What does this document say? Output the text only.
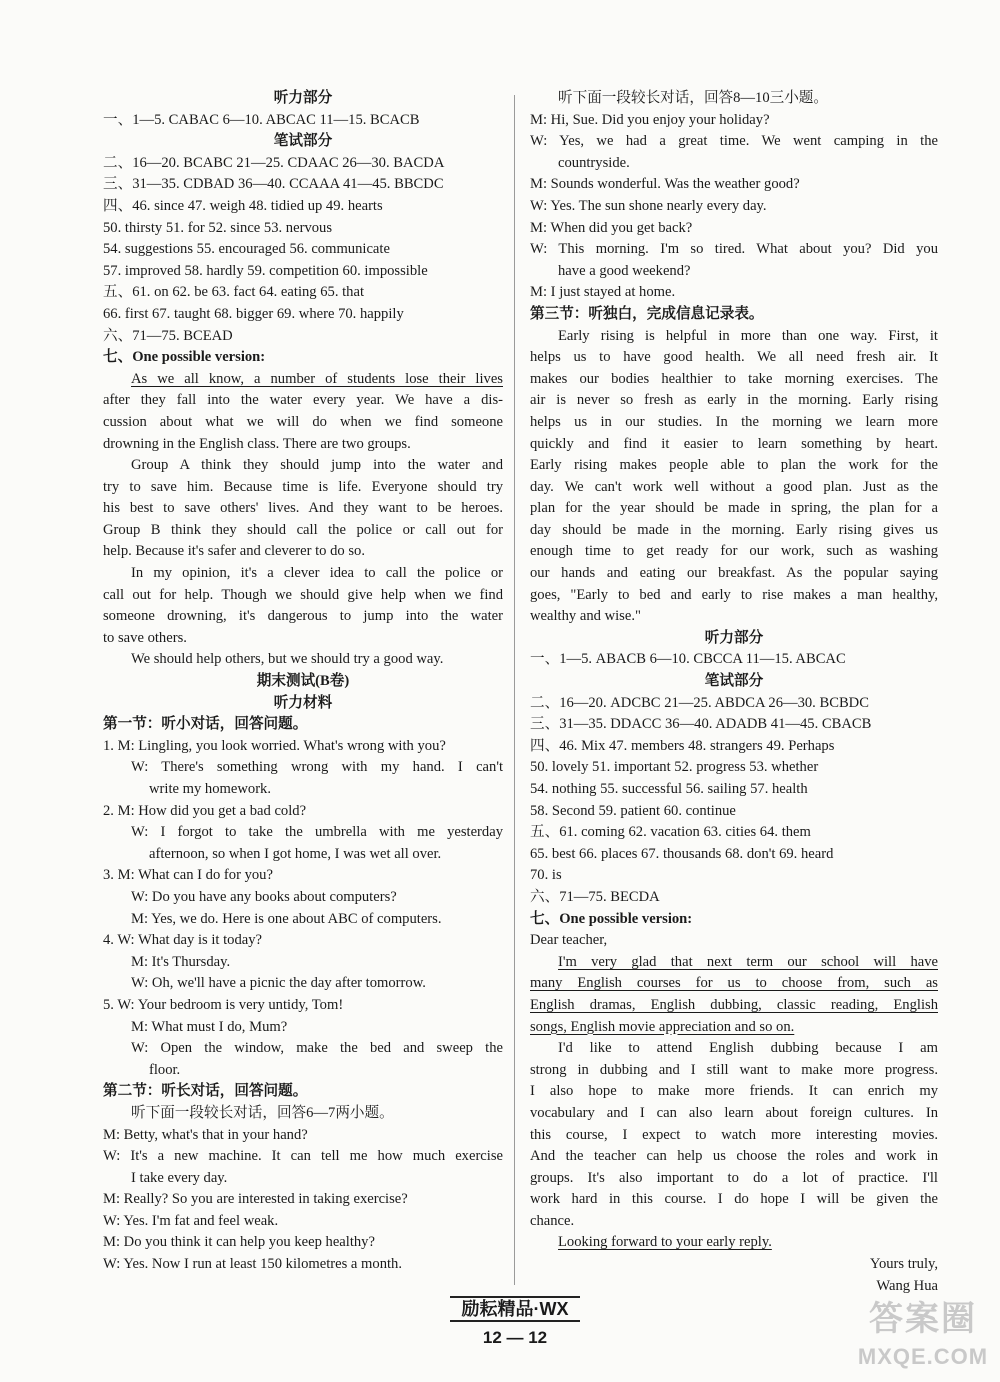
听力部分
一、1—5. CABAC 6—10. ABCAC 11—15. BCACB
笔试部分
二、16—20. BCABC 21—25. CDAAC 26—30. BACDA
三、31—35. CDBAD 36—40. CCAAA 41—45. BBCDC
四、46. since 47. weigh 48. tidied up 49. hearts
50. thirsty 51. for 52. since 53. nervous
54. suggestions 55. encouraged 56. communicate
57. improved 58. hardly 59. competition 60. impossible
五、61. on 62. be 63. fact 64. eating 65. that
66. first 67. taught 68. bigger 69. where 70. happily
六、71—75. BCEAD
七、One possible version:
As we all know, a number of students lose their lives
after they fall into the water every year. We have a dis-
cussion about what we will do when we find someone
drowning in the English class. There are two groups.
Group A think they should jump into the water and
try to save him. Because time is life. Everyone should try
his best to save others' lives. And they want to be heroes.
Group B think they should call the police or call out for
help. Because it's safer and cleverer to do so.
In my opinion, it's a clever idea to call the police or
call out for help. Though we should give help when we find
someone drowning, it's dangerous to jump into the water
to save others.
We should help others, but we should try a good way.
期末测试(B卷)
听力材料
第一节：听小对话，回答问题。
1. M: Lingling, you look worried. What's wrong with you?
W: There's something wrong with my hand. I can't
write my homework.
2. M: How did you get a bad cold?
W: I forgot to take the umbrella with me yesterday
afternoon, so when I got home, I was wet all over.
3. M: What can I do for you?
W: Do you have any books about computers?
M: Yes, we do. Here is one about ABC of computers.
4. W: What day is it today?
M: It's Thursday.
W: Oh, we'll have a picnic the day after tomorrow.
5. W: Your bedroom is very untidy, Tom!
M: What must I do, Mum?
W: Open the window, make the bed and sweep the
floor.
第二节：听长对话，回答问题。
听下面一段较长对话，回答6—7两小题。
M: Betty, what's that in your hand?
W: It's a new machine. It can tell me how much exercise
I take every day.
M: Really? So you are interested in taking exercise?
W: Yes. I'm fat and feel weak.
M: Do you think it can help you keep healthy?
W: Yes. Now I run at least 150 kilometres a month.
听下面一段较长对话，回答8—10三小题。
M: Hi, Sue. Did you enjoy your holiday?
W: Yes, we had a great time. We went camping in the
countryside.
M: Sounds wonderful. Was the weather good?
W: Yes. The sun shone nearly every day.
M: When did you get back?
W: This morning. I'm so tired. What about you? Did you
have a good weekend?
M: I just stayed at home.
第三节：听独白，完成信息记录表。
Early rising is helpful in more than one way. First, it
helps us to have good health. We all need fresh air. It
makes our bodies healthier to take morning exercises. The
air is never so fresh as early in the morning. Early rising
helps us in our studies. In the morning we learn more
quickly and find it easier to learn something by heart.
Early rising makes people able to plan the work for the
day. We can't work well without a good plan. Just as the
plan for the year should be made in spring, the plan for a
day should be made in the morning. Early rising gives us
enough time to get ready for our work, such as washing
our hands and eating our breakfast. As the popular saying
goes, "Early to bed and early to rise makes a man healthy,
wealthy and wise."
听力部分
一、1—5. ABACB 6—10. CBCCA 11—15. ABCAC
笔试部分
二、16—20. ADCBC 21—25. ABDCA 26—30. BCBDC
三、31—35. DDACC 36—40. ADADB 41—45. CBACB
四、46. Mix 47. members 48. strangers 49. Perhaps
50. lovely 51. important 52. progress 53. whether
54. nothing 55. successful 56. sailing 57. health
58. Second 59. patient 60. continue
五、61. coming 62. vacation 63. cities 64. them
65. best 66. places 67. thousands 68. don't 69. heard
70. is
六、71—75. BECDA
七、One possible version:
Dear teacher,
I'm very glad that next term our school will have
many English courses for us to choose from, such as
English dramas, English dubbing, classic reading, English
songs, English movie appreciation and so on.
I'd like to attend English dubbing because I am
strong in dubbing and I still want to make more progress.
I also hope to make more friends. It can enrich my
vocabulary and I can also learn about foreign cultures. In
this course, I expect to watch more interesting movies.
And the teacher can help us choose the roles and work in
groups. It's also important to do a lot of practice. I'll
work hard in this course. I do hope I will be given the
chance.
Looking forward to your early reply.
Yours truly,
Wang Hua
励耘精品·WX
12 — 12	答案圈
MXQE.COM
